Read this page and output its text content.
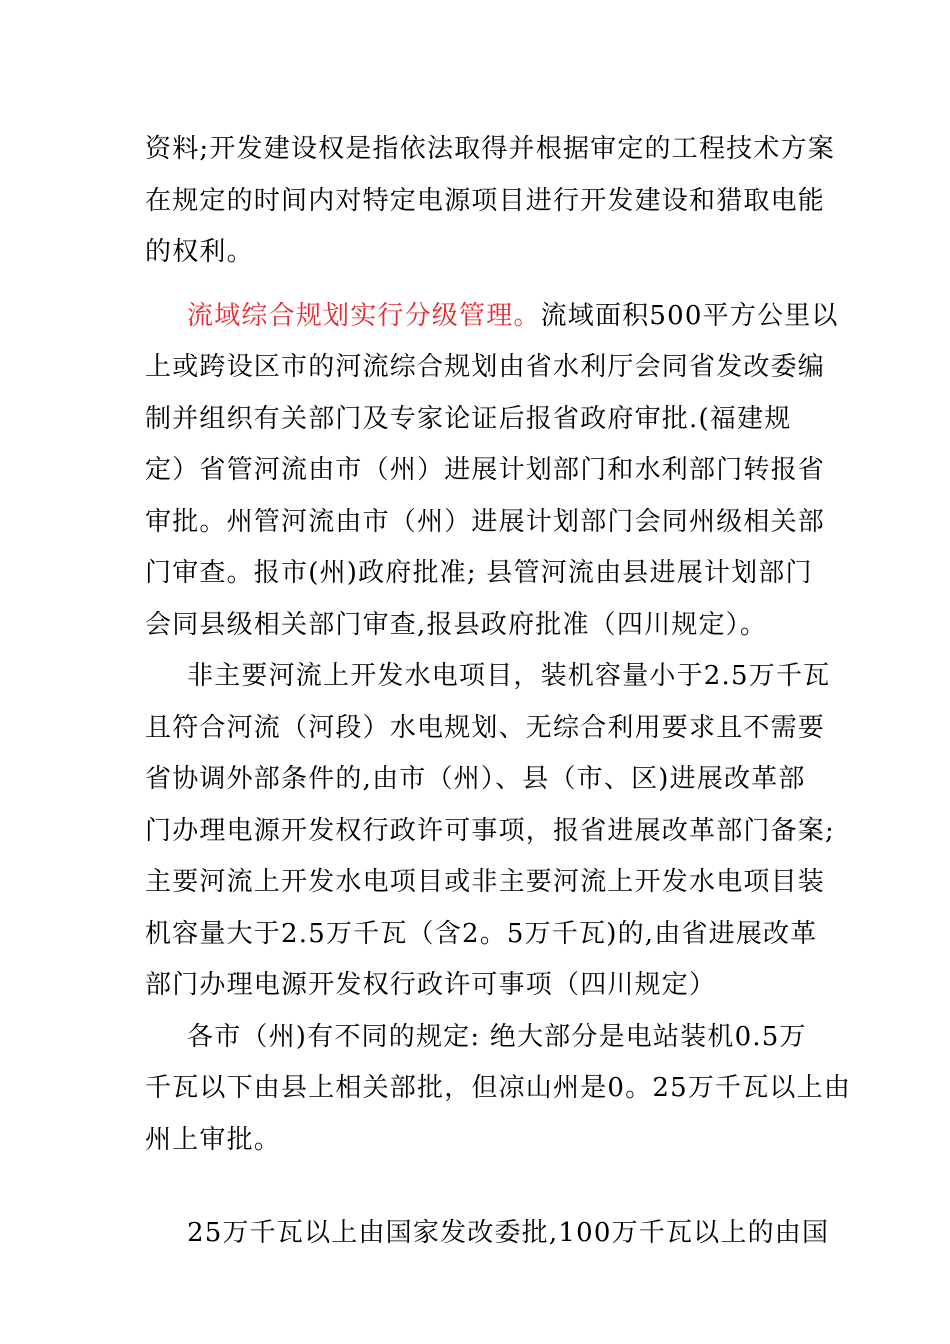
资料;开发建设权是指依法取得并根据审定的工程技术方案
在规定的时间内对特定电源项目进行开发建设和猎取电能
的权利。
流域综合规划实行分级管理。流域面积500平方公里以
上或跨设区市的河流综合规划由省水利厅会同省发改委编
制并组织有关部门及专家论证后报省政府审批.(福建规
定）省管河流由市（州）进展计划部门和水利部门转报省
审批。州管河流由市（州）进展计划部门会同州级相关部
门审查。报市(州)政府批准; 县管河流由县进展计划部门
会同县级相关部门审查,报县政府批准（四川规定）。
非主要河流上开发水电项目，装机容量小于2.5万千瓦
且符合河流（河段）水电规划、无综合利用要求且不需要
省协调外部条件的,由市（州）、县（市、区)进展改革部
门办理电源开发权行政许可事项，报省进展改革部门备案;
主要河流上开发水电项目或非主要河流上开发水电项目装
机容量大于2.5万千瓦（含2。5万千瓦)的,由省进展改革
部门办理电源开发权行政许可事项（四川规定）
各市（州)有不同的规定: 绝大部分是电站装机0.5万
千瓦以下由县上相关部批，但凉山州是0。25万千瓦以上由
州上审批。
25万千瓦以上由国家发改委批,100万千瓦以上的由国
